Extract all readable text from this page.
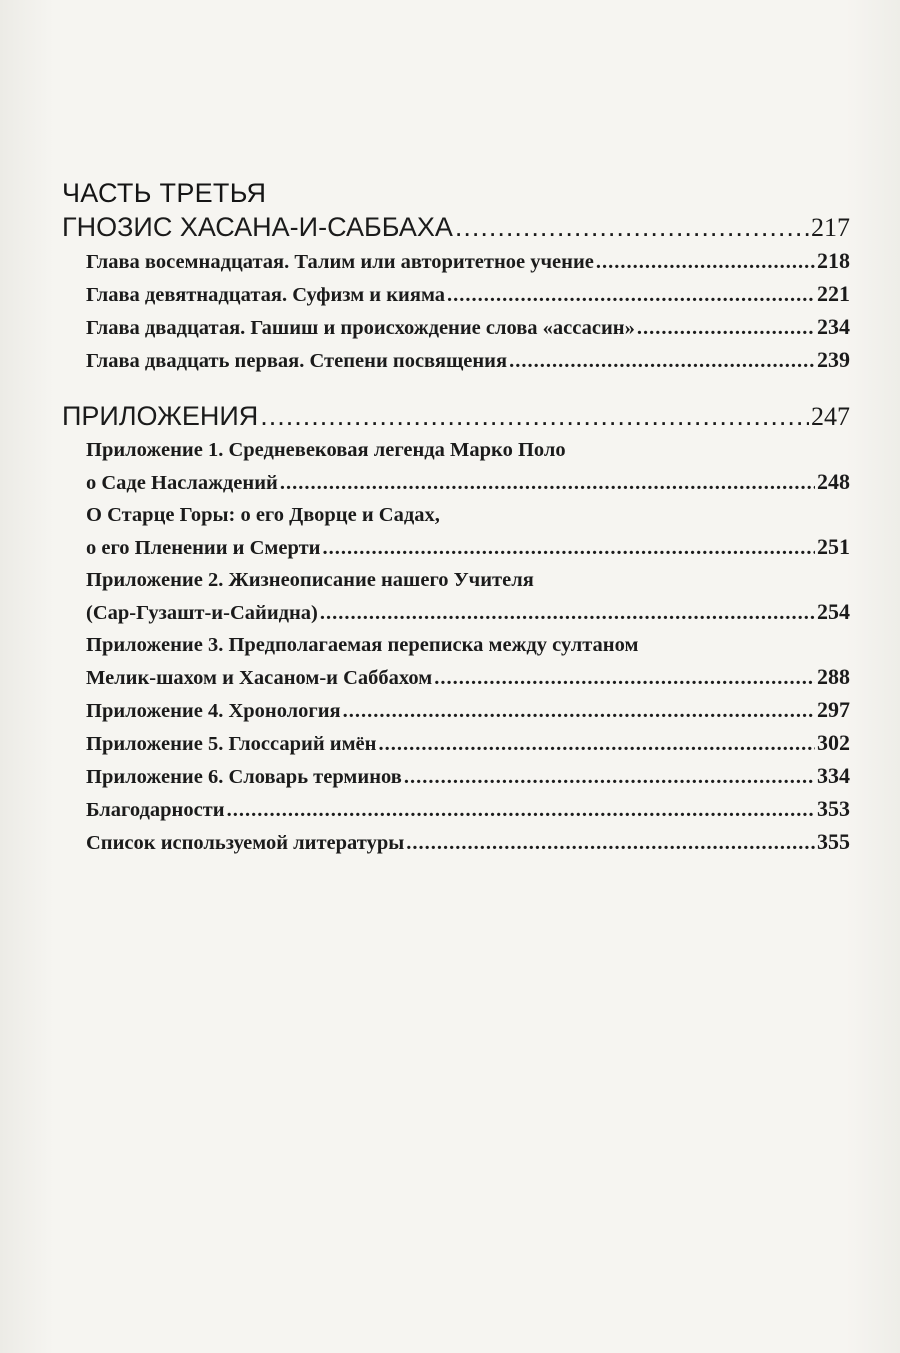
ЧАСТЬ ТРЕТЬЯ
ГНОЗИС ХАСАНА-И-САББАХА .....	217
Глава восемнадцатая. Талим или авторитетное учение .....	218
Глава девятнадцатая. Суфизм и кияма .....	221
Глава двадцатая. Гашиш и происхождение слова «ассасин» .....	234
Глава двадцать первая. Степени посвящения .....	239
ПРИЛОЖЕНИЯ .....	247
Приложение 1. Средневековая легенда Марко Поло
о Саде Наслаждений .....	248
О Старце Горы: о его Дворце и Садах,
о его Пленении и Смерти .....	251
Приложение 2. Жизнеописание нашего Учителя
(Сар-Гузашт-и-Сайидна) .....	254
Приложение 3. Предполагаемая переписка между султаном
Мелик-шахом и Хасаном-и Саббахом .....	288
Приложение 4. Хронология .....	297
Приложение 5. Глоссарий имён .....	302
Приложение 6. Словарь терминов .....	334
Благодарности .....	353
Список используемой литературы .....	355
